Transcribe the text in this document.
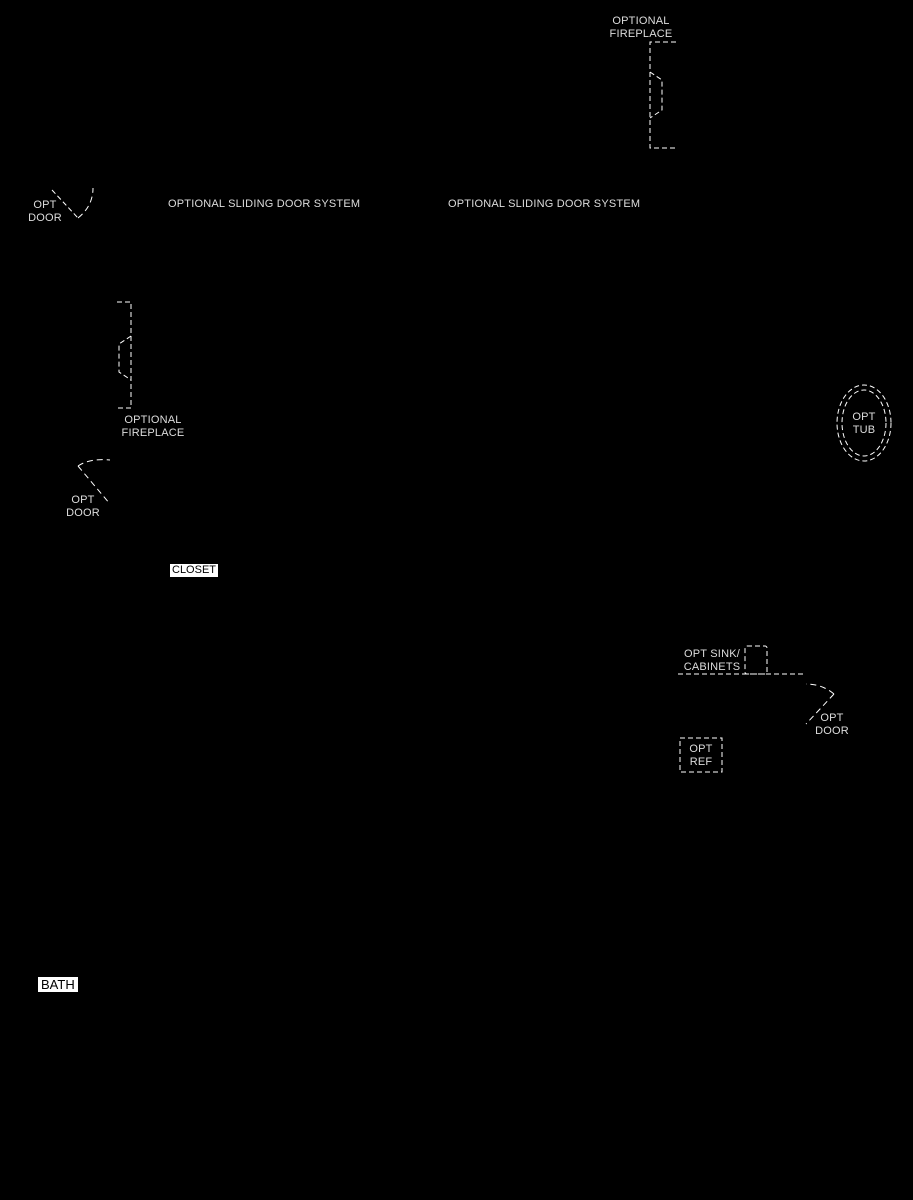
OPTIONAL
FIREPLACE
OPT
DOOR
OPTIONAL SLIDING DOOR SYSTEM	OPTIONAL SLIDING DOOR SYSTEM
OPTIONAL
FIREPLACE
OPT
TUB
OPT
DOOR
CLOSET
OPT SINK/
CABINETS
OPT
DOOR
OPT
REF
BATH
